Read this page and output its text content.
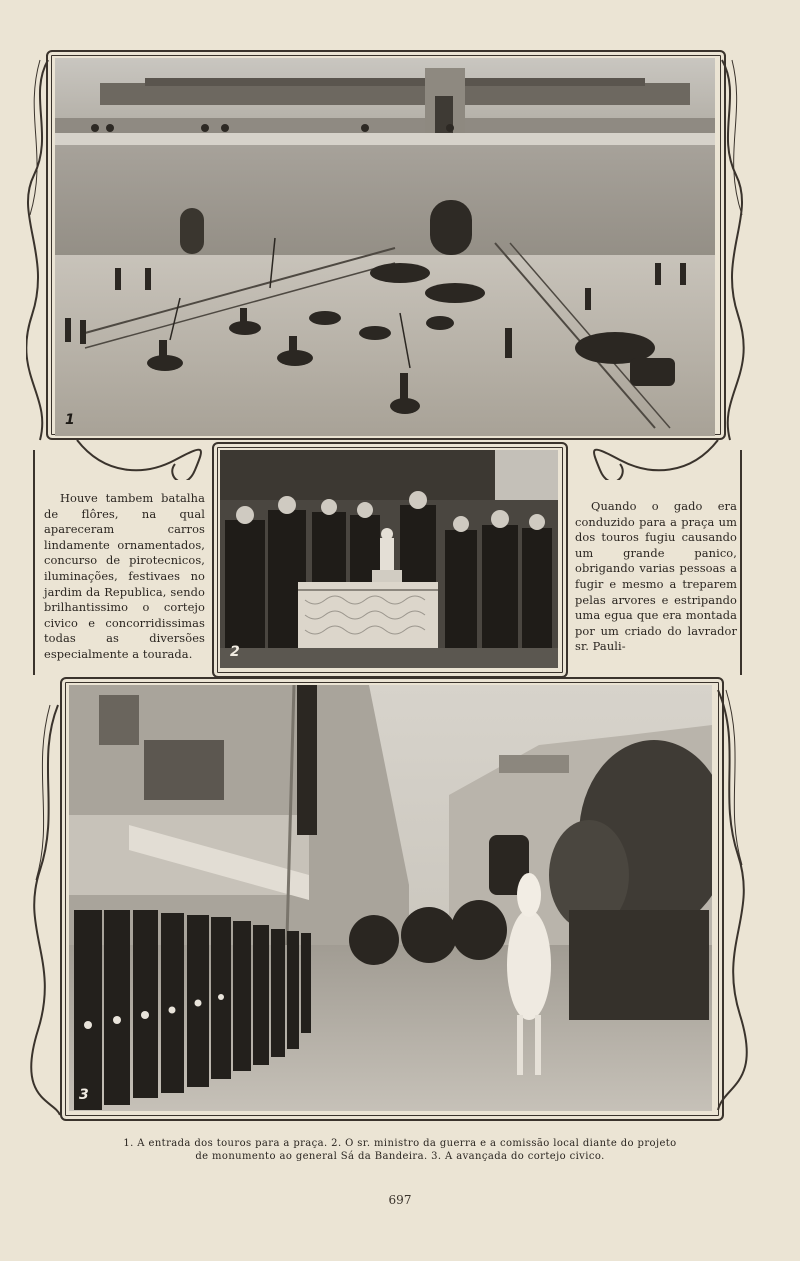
1

Houve tambem batalha de flôres, na qual apareceram carros lindamente ornamentados, concurso de pirotecnicos, iluminações, festivaes no jardim da Republica, sendo brilhantissimo o cortejo civico e concorridissimas todas as diversões especialmente a tourada.	2

Quando o gado era conduzido para a praça um dos touros fugiu causando um grande panico, obrigando varias pessoas a fugir e mesmo a treparem pelas arvores e estripando uma egua que era montada por um criado do lavrador sr. Pauli-

3
1. A entrada dos touros para a praça. 2. O sr. ministro da guerra e a comissão local diante do projeto
de monumento ao general Sá da Bandeira. 3. A avançada do cortejo civico.
697
